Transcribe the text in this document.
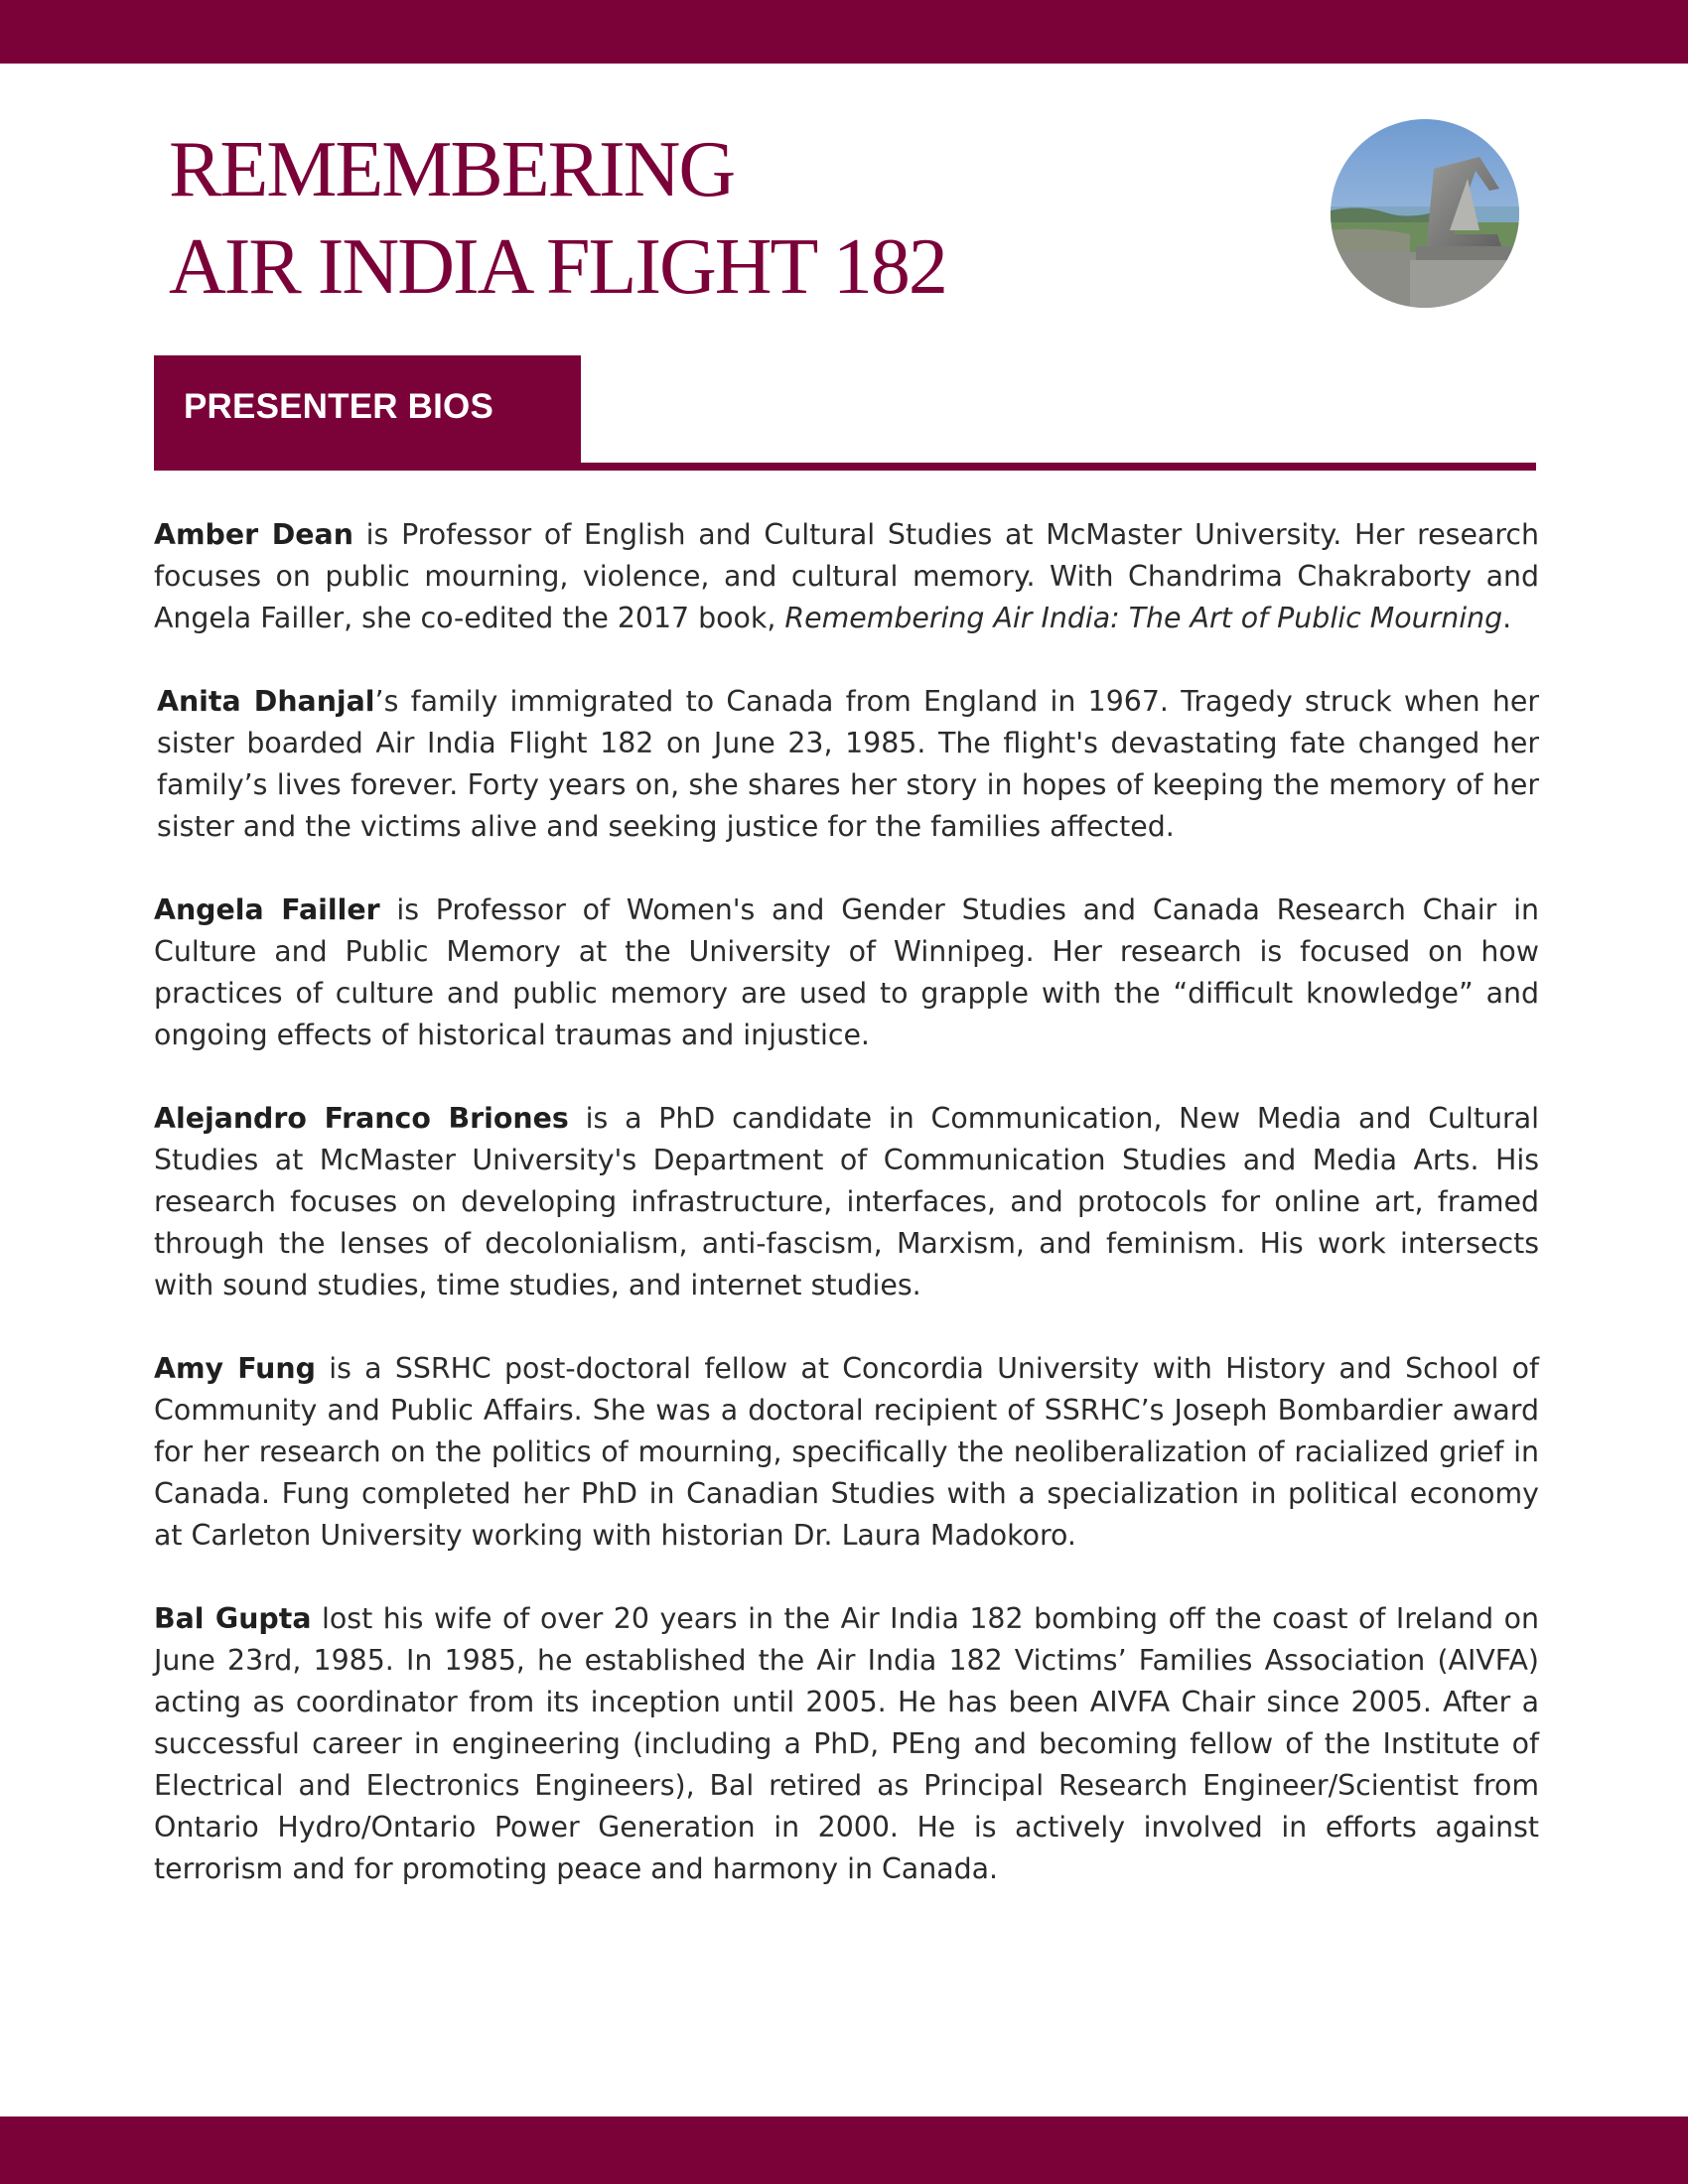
REMEMBERING
AIR INDIA FLIGHT 182
PRESENTER BIOS

Amber Dean is Professor of English and Cultural Studies at McMaster University. Her research focuses on public mourning, violence, and cultural memory. With Chandrima Chakraborty and Angela Failler, she co-edited the 2017 book, Remembering Air India: The Art of Public Mourning.

Anita Dhanjal’s family immigrated to Canada from England in 1967. Tragedy struck when her sister boarded Air India Flight 182 on June 23, 1985. The flight's devastating fate changed her family’s lives forever. Forty years on, she shares her story in hopes of keeping the memory of her sister and the victims alive and seeking justice for the families affected.

Angela Failler is Professor of Women's and Gender Studies and Canada Research Chair in Culture and Public Memory at the University of Winnipeg. Her research is focused on how practices of culture and public memory are used to grapple with the “difficult knowledge” and ongoing effects of historical traumas and injustice.

Alejandro Franco Briones is a PhD candidate in Communication, New Media and Cultural Studies at McMaster University's Department of Communication Studies and Media Arts. His research focuses on developing infrastructure, interfaces, and protocols for online art, framed through the lenses of decolonialism, anti-fascism, Marxism, and feminism. His work intersects with sound studies, time studies, and internet studies.

Amy Fung is a SSRHC post-doctoral fellow at Concordia University with History and School of Community and Public Affairs. She was a doctoral recipient of SSRHC’s Joseph Bombardier award for her research on the politics of mourning, specifically the neoliberalization of racialized grief in Canada. Fung completed her PhD in Canadian Studies with a specialization in political economy at Carleton University working with historian Dr. Laura Madokoro.

Bal Gupta lost his wife of over 20 years in the Air India 182 bombing off the coast of Ireland on June 23rd, 1985. In 1985, he established the Air India 182 Victims’ Families Association (AIVFA) acting as coordinator from its inception until 2005. He has been AIVFA Chair since 2005. After a successful career in engineering (including a PhD, PEng and becoming fellow of the Institute of Electrical and Electronics Engineers), Bal retired as Principal Research Engineer/Scientist from Ontario Hydro/Ontario Power Generation in 2000. He is actively involved in efforts against terrorism and for promoting peace and harmony in Canada.
